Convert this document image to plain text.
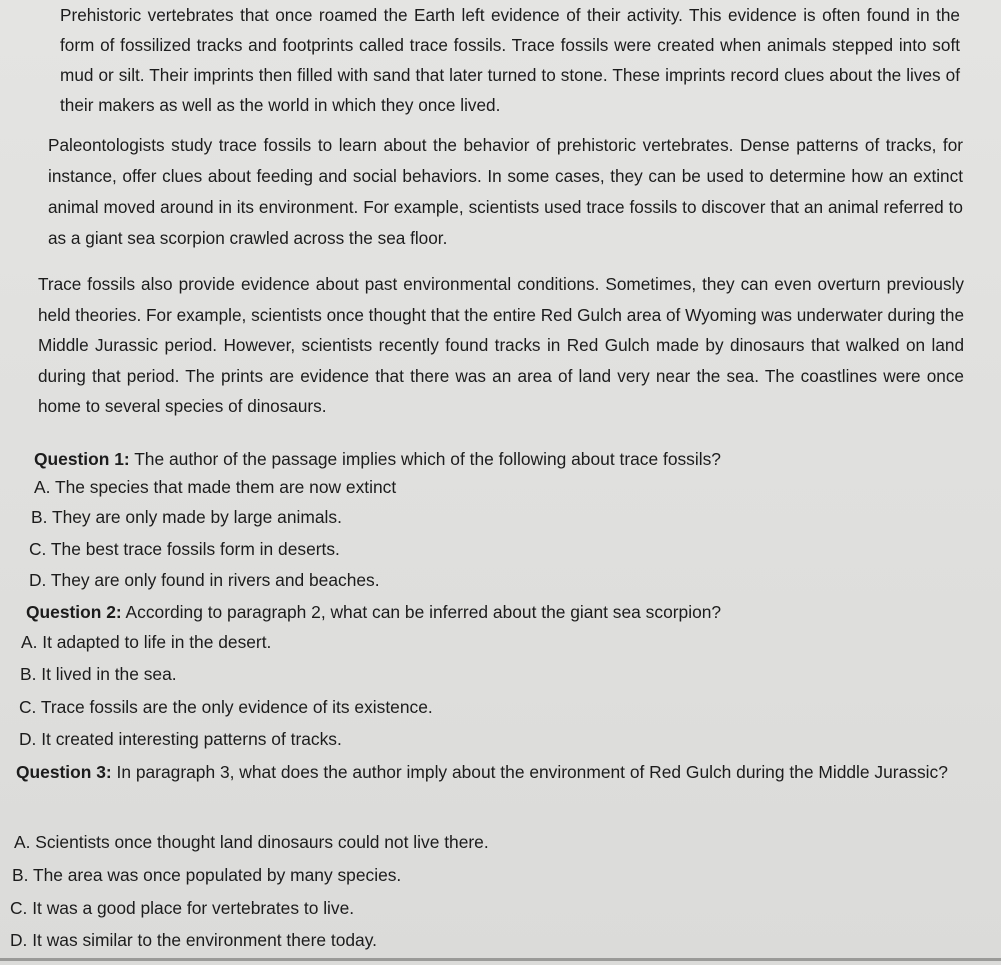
Prehistoric vertebrates that once roamed the Earth left evidence of their activity. This evidence is often found in the form of fossilized tracks and footprints called trace fossils. Trace fossils were created when animals stepped into soft mud or silt. Their imprints then filled with sand that later turned to stone. These imprints record clues about the lives of their makers as well as the world in which they once lived.

Paleontologists study trace fossils to learn about the behavior of prehistoric vertebrates. Dense patterns of tracks, for instance, offer clues about feeding and social behaviors. In some cases, they can be used to determine how an extinct animal moved around in its environment. For example, scientists used trace fossils to discover that an animal referred to as a giant sea scorpion crawled across the sea floor.

Trace fossils also provide evidence about past environmental conditions. Sometimes, they can even overturn previously held theories. For example, scientists once thought that the entire Red Gulch area of Wyoming was underwater during the Middle Jurassic period. However, scientists recently found tracks in Red Gulch made by dinosaurs that walked on land during that period. The prints are evidence that there was an area of land very near the sea. The coastlines were once home to several species of dinosaurs.

Question 1: The author of the passage implies which of the following about trace fossils?

A. The species that made them are now extinct

B. They are only made by large animals.

C. The best trace fossils form in deserts.

D. They are only found in rivers and beaches.

Question 2: According to paragraph 2, what can be inferred about the giant sea scorpion?

A. It adapted to life in the desert.

B. It lived in the sea.

C. Trace fossils are the only evidence of its existence.

D. It created interesting patterns of tracks.

Question 3: In paragraph 3, what does the author imply about the environment of Red Gulch during the Middle Jurassic?

A. Scientists once thought land dinosaurs could not live there.

B. The area was once populated by many species.

C. It was a good place for vertebrates to live.

D. It was similar to the environment there today.
